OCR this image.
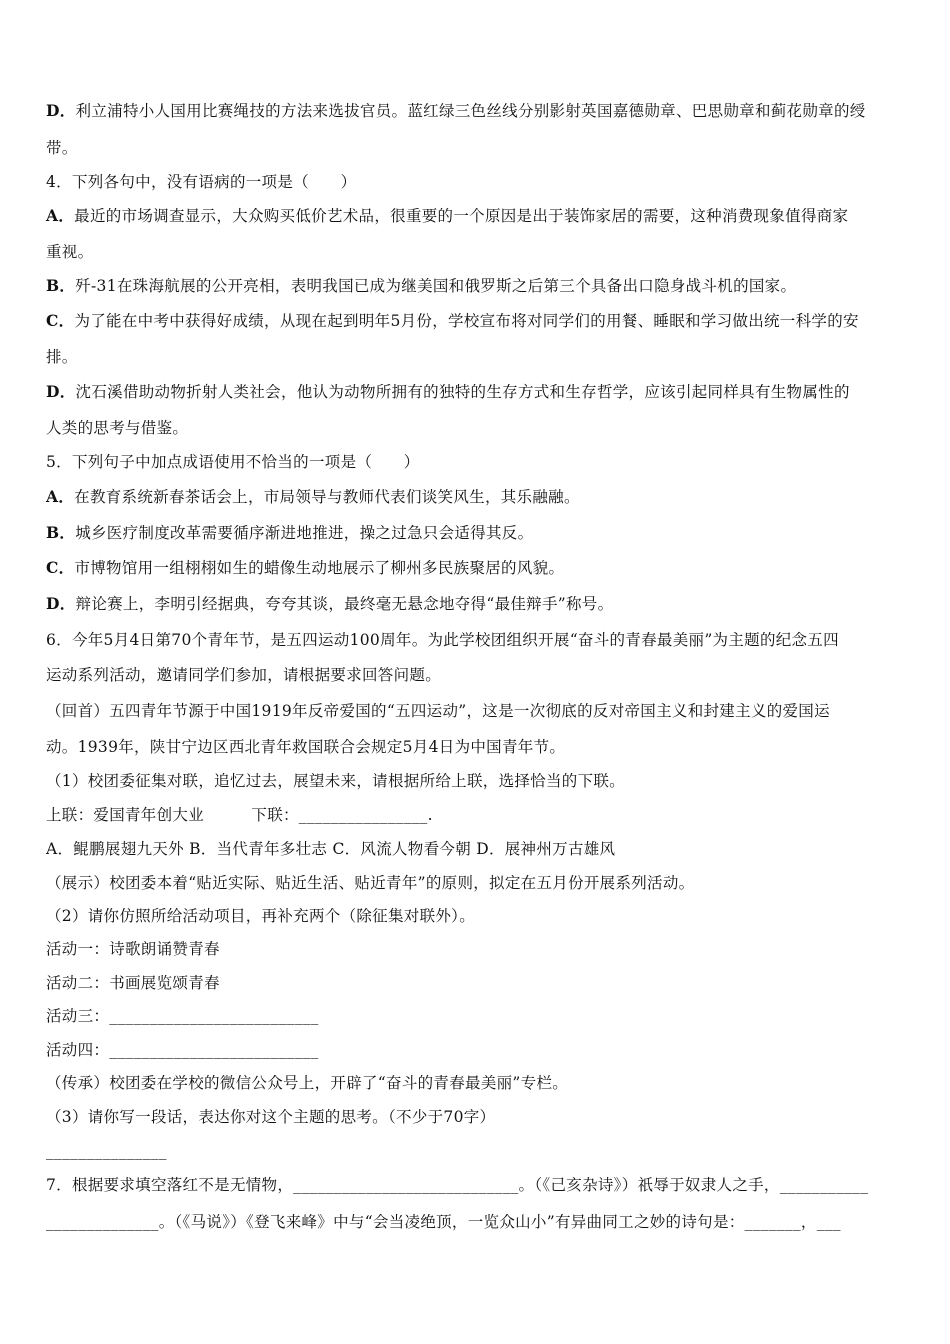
D．利立浦特小人国用比赛绳技的方法来选拔官员。蓝红绿三色丝线分别影射英国嘉德勋章、巴思勋章和蓟花勋章的绶
带。
4．下列各句中，没有语病的一项是（　　）
A．最近的市场调查显示，大众购买低价艺术品，很重要的一个原因是出于装饰家居的需要，这种消费现象值得商家
重视。
B．歼-31在珠海航展的公开亮相，表明我国已成为继美国和俄罗斯之后第三个具备出口隐身战斗机的国家。
C．为了能在中考中获得好成绩，从现在起到明年5月份，学校宣布将对同学们的用餐、睡眠和学习做出统一科学的安
排。
D．沈石溪借助动物折射人类社会，他认为动物所拥有的独特的生存方式和生存哲学，应该引起同样具有生物属性的
人类的思考与借鉴。
5．下列句子中加点成语使用不恰当的一项是（　　）
A．在教育系统新春茶话会上，市局领导与教师代表们谈笑风生，其乐融融。
B．城乡医疗制度改革需要循序渐进地推进，操之过急只会适得其反。
C．市博物馆用一组栩栩如生的蜡像生动地展示了柳州多民族聚居的风貌。
D．辩论赛上，李明引经据典，夸夸其谈，最终毫无悬念地夺得“最佳辩手”称号。
6．今年5月4日第70个青年节，是五四运动100周年。为此学校团组织开展“奋斗的青春最美丽”为主题的纪念五四
运动系列活动，邀请同学们参加，请根据要求回答问题。
（回首）五四青年节源于中国1919年反帝爱国的“五四运动”，这是一次彻底的反对帝国主义和封建主义的爱国运
动。1939年，陕甘宁边区西北青年救国联合会规定5月4日为中国青年节。
（1）校团委征集对联，追忆过去，展望未来，请根据所给上联，选择恰当的下联。
上联：爱国青年创大业　　　下联：________________.
A．鲲鹏展翅九天外 B．当代青年多壮志 C．风流人物看今朝 D．展神州万古雄风
（展示）校团委本着“贴近实际、贴近生活、贴近青年”的原则，拟定在五月份开展系列活动。
（2）请你仿照所给活动项目，再补充两个（除征集对联外）。
活动一：诗歌朗诵赞青春
活动二：书画展览颂青春
活动三：__________________________
活动四：__________________________
（传承）校团委在学校的微信公众号上，开辟了“奋斗的青春最美丽”专栏。
（3）请你写一段话，表达你对这个主题的思考。（不少于70字）
_______________
7．根据要求填空落红不是无情物，____________________________。（《己亥杂诗》）祇辱于奴隶人之手，___________
______________。（《马说》）《登飞来峰》中与“会当凌绝顶，一览众山小”有异曲同工之妙的诗句是：_______，___
